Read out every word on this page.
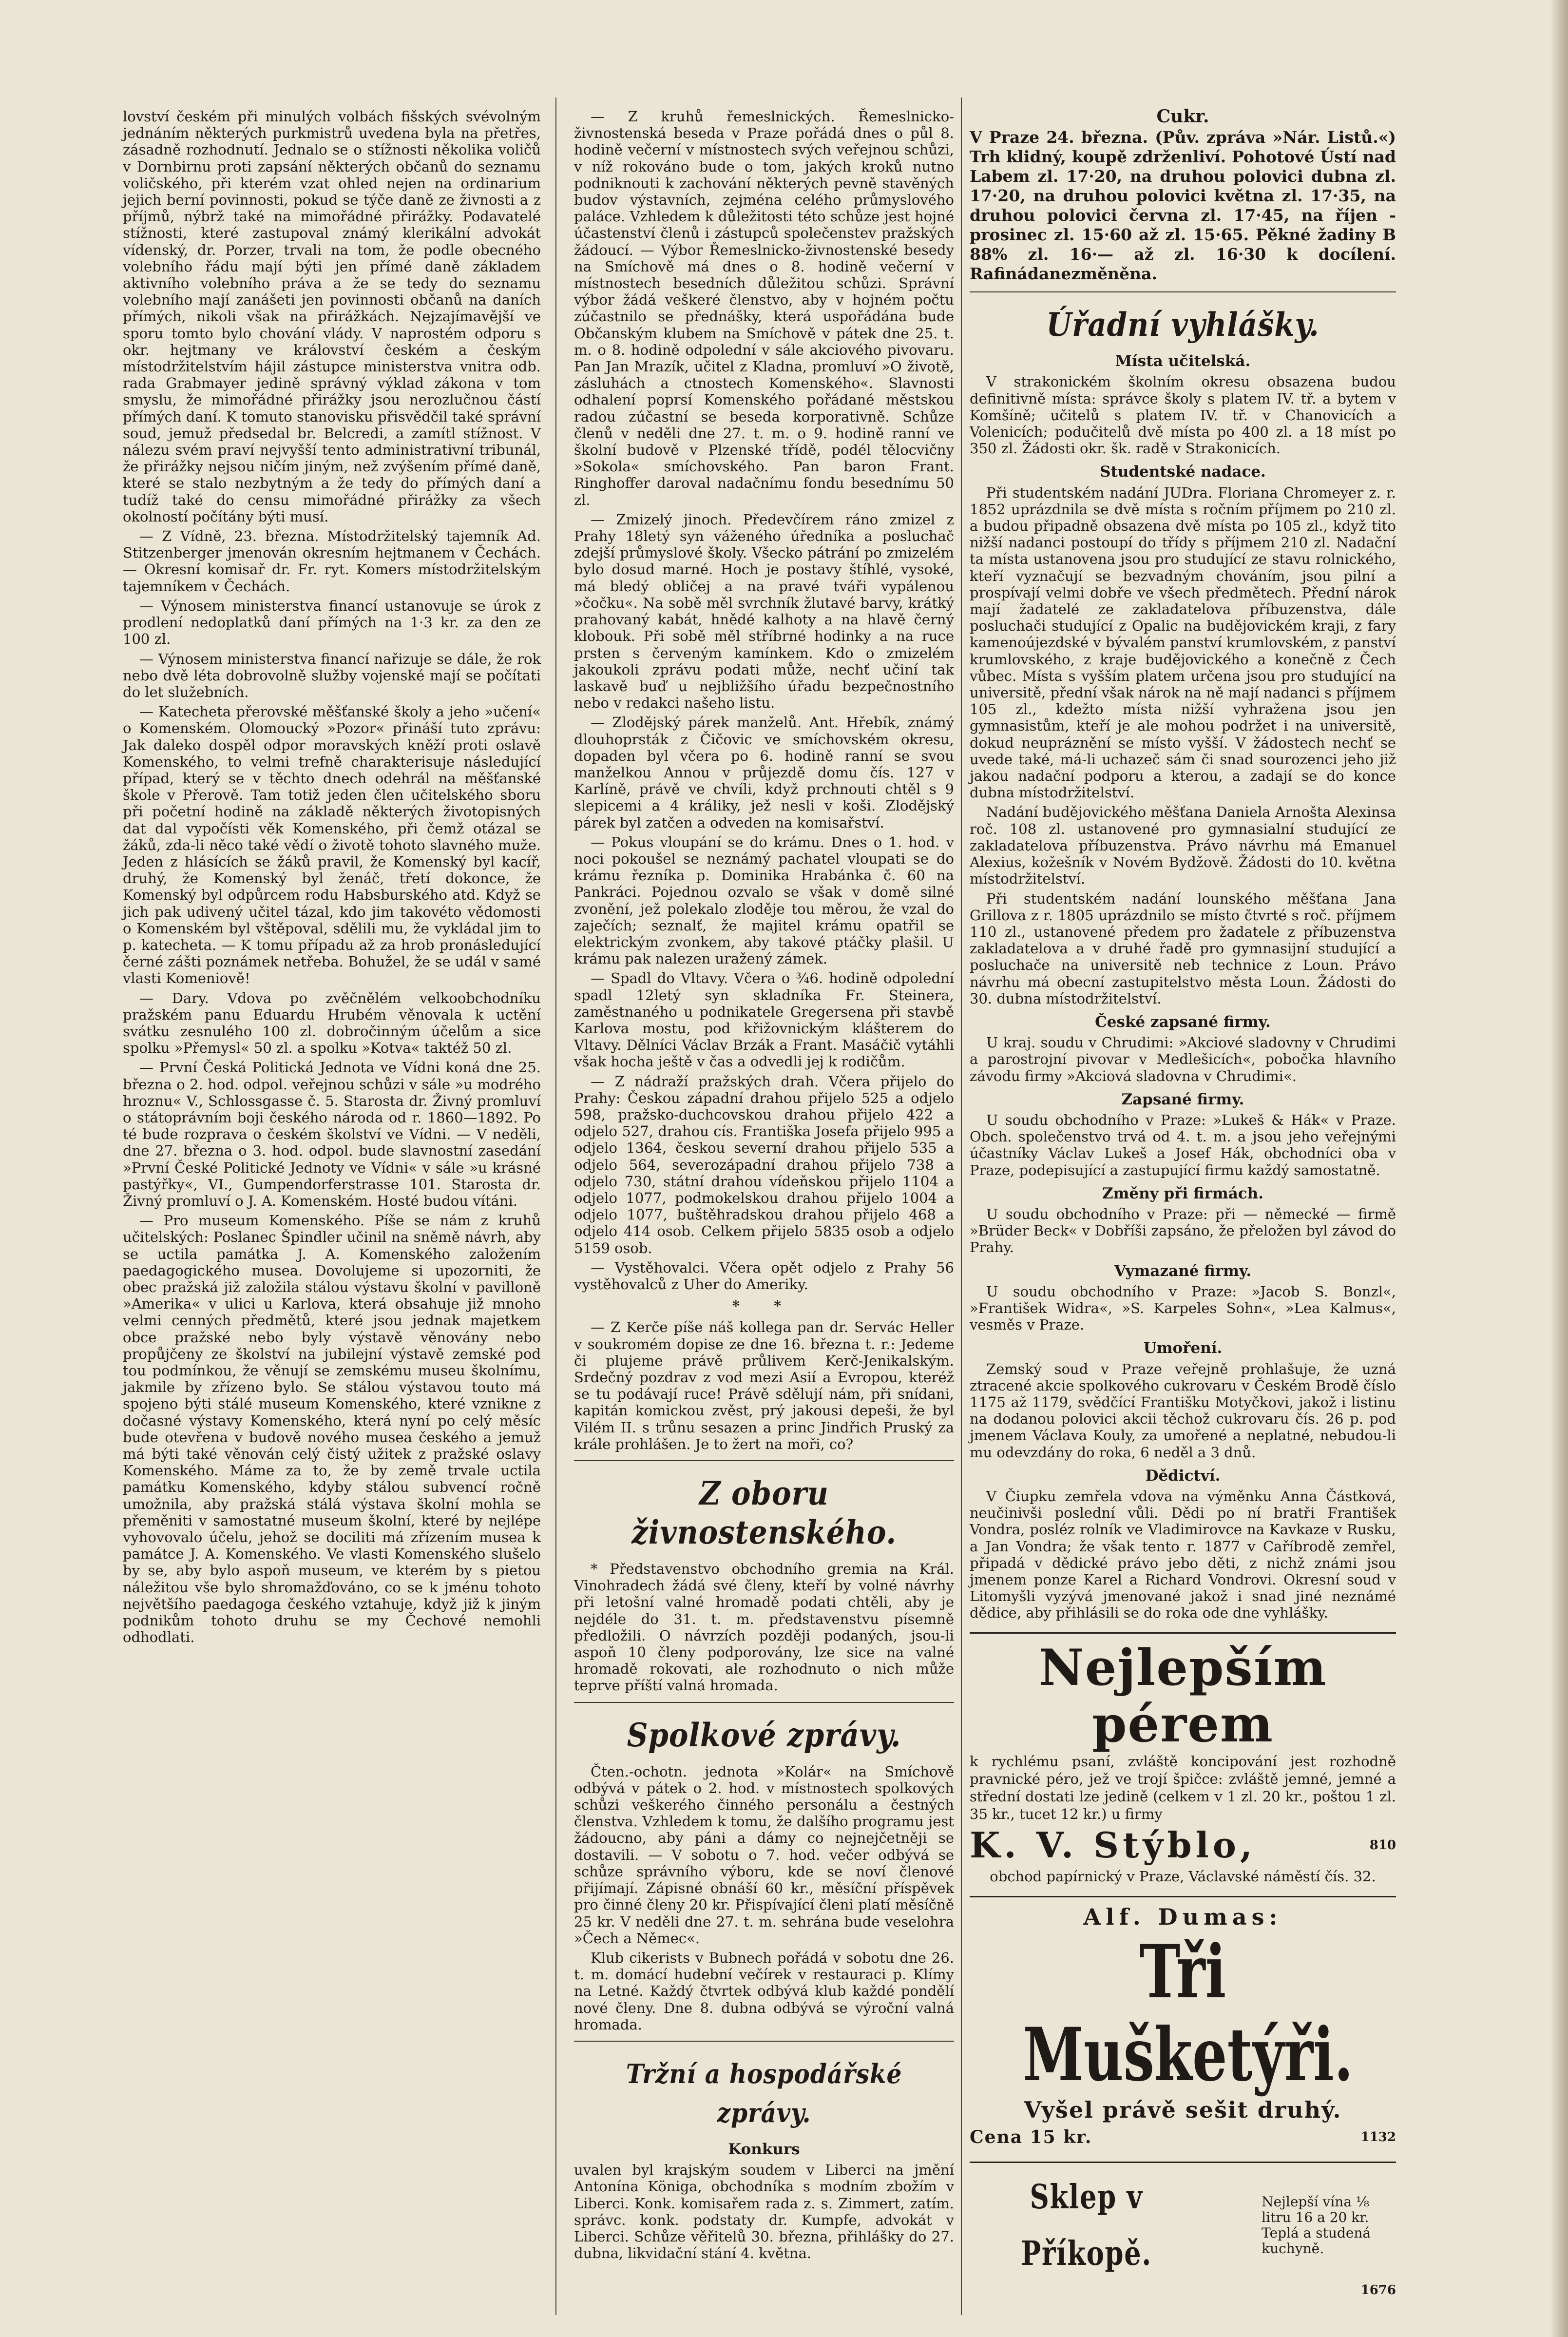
lovství českém při minulých volbách fišských svévolným jednáním některých purkmistrů uvedena byla na přetřes, zásadně rozhodnutí. Jednalo se o stížnosti několika voličů v Dornbirnu proti zapsání některých občanů do seznamu voličského, při kterém vzat ohled nejen na ordinarium jejich berní povinnosti, pokud se týče daně ze živnosti a z příjmů, nýbrž také na mimořádné přirážky. Podavatelé stížnosti, které zastupoval známý klerikální advokát vídenský, dr. Porzer, trvali na tom, že podle obecného volebního řádu mají býti jen přímé daně základem aktivního volebního práva a že se tedy do seznamu volebního mají zanášeti jen povinnosti občanů na daních přímých, nikoli však na přirážkách. Nejzajímavější ve sporu tomto bylo chování vlády. V naprostém odporu s okr. hejtmany ve království českém a českým místodržitelstvím hájil zástupce ministerstva vnitra odb. rada Grabmayer jedině správný výklad zákona v tom smyslu, že mimořádné přirážky jsou nerozlučnou částí přímých daní. K tomuto stanovisku přisvědčil také správní soud, jemuž předsedal br. Belcredi, a zamítl stížnost. V nálezu svém praví nejvyšší tento administrativní tribunál, že přirážky nejsou ničím jiným, než zvýšením přímé daně, které se stalo nezbytným a že tedy do přímých daní a tudíž také do censu mimořádné přirážky za všech okolností počítány býti musí.

— Z Vídně, 23. března. Místodržitelský tajemník Ad. Stitzenberger jmenován okresním hejtmanem v Čechách. — Okresní komisař dr. Fr. ryt. Komers místodržitelským tajemníkem v Čechách.

— Výnosem ministerstva financí ustanovuje se úrok z prodlení nedoplatků daní přímých na 1·3 kr. za den ze 100 zl.

— Výnosem ministerstva financí nařizuje se dále, že rok nebo dvě léta dobrovolně služby vojenské mají se počítati do let služebních.

— Katecheta přerovské měšťanské školy a jeho »učení« o Komenském. Olomoucký »Pozor« přináší tuto zprávu: Jak daleko dospěl odpor moravských kněží proti oslavě Komenského, to velmi trefně charakterisuje následující případ, který se v těchto dnech odehrál na měšťanské škole v Přerově. Tam totiž jeden člen učitelského sboru při početní hodině na základě některých životopisných dat dal vypočísti věk Komenského, při čemž otázal se žáků, zda-li něco také vědí o životě tohoto slavného muže. Jeden z hlásících se žáků pravil, že Komenský byl kacíř, druhý, že Komenský byl ženáč, třetí dokonce, že Komenský byl odpůrcem rodu Habsburského atd. Když se jich pak udivený učitel tázal, kdo jim takovéto vědomosti o Komenském byl vštěpoval, sdělili mu, že vykládal jim to p. katecheta. — K tomu případu až za hrob pronásledující černé zášti poznámek netřeba. Bohužel, že se udál v samé vlasti Komeniově!

— Dary. Vdova po zvěčnělém velkoobchodníku pražském panu Eduardu Hrubém věnovala k uctění svátku zesnulého 100 zl. dobročinným účelům a sice spolku »Přemysl« 50 zl. a spolku »Kotva« taktéž 50 zl.

— První Česká Politická Jednota ve Vídni koná dne 25. března o 2. hod. odpol. veřejnou schůzi v sále »u modrého hroznu« V., Schlossgasse č. 5. Starosta dr. Živný promluví o státoprávním boji českého národa od r. 1860—1892. Po té bude rozprava o českém školství ve Vídni. — V neděli, dne 27. března o 3. hod. odpol. bude slavnostní zasedání »První České Politické Jednoty ve Vídni« v sále »u krásné pastýřky«, VI., Gumpendorferstrasse 101. Starosta dr. Živný promluví o J. A. Komenském. Hosté budou vítáni.

— Pro museum Komenského. Píše se nám z kruhů učitelských: Poslanec Špindler učinil na sněmě návrh, aby se uctila památka J. A. Komenského založením paedagogického musea. Dovolujeme si upozorniti, že obec pražská již založila stálou výstavu školní v pavilloně »Amerika« v ulici u Karlova, která obsahuje již mnoho velmi cenných předmětů, které jsou jednak majetkem obce pražské nebo byly výstavě věnovány nebo propůjčeny ze školství na jubilejní výstavě zemské pod tou podmínkou, že věnují se zemskému museu školnímu, jakmile by zřízeno bylo. Se stálou výstavou touto má spojeno býti stálé museum Komenského, které vznikne z dočasné výstavy Komenského, která nyní po celý měsíc bude otevřena v budově nového musea českého a jemuž má býti také věnován celý čistý užitek z pražské oslavy Komenského. Máme za to, že by země trvale uctila památku Komenského, kdyby stálou subvencí ročně umožnila, aby pražská stálá výstava školní mohla se přeměniti v samostatné museum školní, které by nejlépe vyhovovalo účelu, jehož se dociliti má zřízením musea k památce J. A. Komenského. Ve vlasti Komenského slušelo by se, aby bylo aspoň museum, ve kterém by s pietou náležitou vše bylo shromažďováno, co se k jménu tohoto největšího paedagoga českého vztahuje, když již k jiným podnikům tohoto druhu se my Čechové nemohli odhodlati.

— Z kruhů řemeslnických. Řemeslnicko-živnostenská beseda v Praze pořádá dnes o půl 8. hodině večerní v místnostech svých veřejnou schůzi, v níž rokováno bude o tom, jakých kroků nutno podniknouti k zachování některých pevně stavěných budov výstavních, zejména celého průmyslového paláce. Vzhledem k důležitosti této schůze jest hojné účastenství členů i zástupců společenstev pražských žádoucí. — Výbor Řemeslnicko-živnostenské besedy na Smíchově má dnes o 8. hodině večerní v místnostech besedních důležitou schůzi. Správní výbor žádá veškeré členstvo, aby v hojném počtu zúčastnilo se přednášky, která uspořádána bude Občanským klubem na Smíchově v pátek dne 25. t. m. o 8. hodině odpolední v sále akciového pivovaru. Pan Jan Mrazík, učitel z Kladna, promluví »O životě, zásluhách a ctnostech Komenského«. Slavnosti odhalení poprsí Komenského pořádané městskou radou zúčastní se beseda korporativně. Schůze členů v neděli dne 27. t. m. o 9. hodině ranní ve školní budově v Plzenské třídě, podél tělocvičny »Sokola« smíchovského. Pan baron Frant. Ringhoffer daroval nadačnímu fondu besednímu 50 zl.

— Zmizelý jinoch. Předevčírem ráno zmizel z Prahy 18letý syn váženého úředníka a posluchač zdejší průmyslové školy. Všecko pátrání po zmizelém bylo dosud marné. Hoch je postavy štíhlé, vysoké, má bledý obličej a na pravé tváři vypálenou »čočku«. Na sobě měl svrchník žlutavé barvy, krátký prahovaný kabát, hnědé kalhoty a na hlavě černý klobouk. Při sobě měl stříbrné hodinky a na ruce prsten s červeným kamínkem. Kdo o zmizelém jakoukoli zprávu podati může, nechť učiní tak laskavě buď u nejbližšího úřadu bezpečnostního nebo v redakci našeho listu.

— Zlodějský párek manželů. Ant. Hřebík, známý dlouhoprsták z Čičovic ve smíchovském okresu, dopaden byl včera po 6. hodině ranní se svou manželkou Annou v průjezdě domu čís. 127 v Karlíně, právě ve chvíli, když prchnouti chtěl s 9 slepicemi a 4 králiky, jež nesli v koši. Zlodějský párek byl zatčen a odveden na komisařství.

— Pokus vloupání se do krámu. Dnes o 1. hod. v noci pokoušel se neznámý pachatel vloupati se do krámu řezníka p. Dominika Hrabánka č. 60 na Pankráci. Pojednou ozvalo se však v domě silné zvonění, jež polekalo zloděje tou měrou, že vzal do zaječích; seznalť, že majitel krámu opatřil se elektrickým zvonkem, aby takové ptáčky plašil. U krámu pak nalezen uražený zámek.

— Spadl do Vltavy. Včera o ¾6. hodině odpolední spadl 12letý syn skladníka Fr. Steinera, zaměstnaného u podnikatele Gregersena při stavbě Karlova mostu, pod křižovnickým klášterem do Vltavy. Dělníci Václav Brzák a Frant. Masáčič vytáhli však hocha ještě v čas a odvedli jej k rodičům.

— Z nádraží pražských drah. Včera přijelo do Prahy: Českou západní drahou přijelo 525 a odjelo 598, pražsko-duchcovskou drahou přijelo 422 a odjelo 527, drahou cís. Františka Josefa přijelo 995 a odjelo 1364, českou severní drahou přijelo 535 a odjelo 564, severozápadní drahou přijelo 738 a odjelo 730, státní drahou vídeňskou přijelo 1104 a odjelo 1077, podmokelskou drahou přijelo 1004 a odjelo 1077, buštěhradskou drahou přijelo 468 a odjelo 414 osob. Celkem přijelo 5835 osob a odjelo 5159 osob.

— Vystěhovalci. Včera opět odjelo z Prahy 56 vystěhovalců z Uher do Ameriky.

* *

— Z Kerče píše náš kollega pan dr. Servác Heller v soukromém dopise ze dne 16. března t. r.: Jedeme či plujeme právě průlivem Kerč-Jenikalským. Srdečný pozdrav z vod mezi Asií a Evropou, kteréž se tu podávají ruce! Právě sdělují nám, při snídani, kapitán komickou zvěst, prý jakousi depeši, že byl Vilém II. s trůnu sesazen a princ Jindřich Pruský za krále prohlášen. Je to žert na moři, co?

Z oboru živnostenského.

* Představenstvo obchodního gremia na Král. Vinohradech žádá své členy, kteří by volné návrhy při letošní valné hromadě podati chtěli, aby je nejdéle do 31. t. m. představenstvu písemně předložili. O návrzích později podaných, jsou-li aspoň 10 členy podporovány, lze sice na valné hromadě rokovati, ale rozhodnuto o nich může teprve příští valná hromada.

Spolkové zprávy.

Čten.-ochotn. jednota »Kolár« na Smíchově odbývá v pátek o 2. hod. v místnostech spolkových schůzi veškerého činného personálu a čestných členstva. Vzhledem k tomu, že dalšího programu jest žádoucno, aby páni a dámy co nejnejčetněji se dostavili. — V sobotu o 7. hod. večer odbývá se schůze správního výboru, kde se noví členové přijímají. Zápisné obnáší 60 kr., měsíční příspěvek pro činné členy 20 kr. Přispívající členi platí měsíčně 25 kr. V neděli dne 27. t. m. sehrána bude veselohra »Čech a Němec«.

Klub cikerists v Bubnech pořádá v sobotu dne 26. t. m. domácí hudební večírek v restauraci p. Klímy na Letné. Každý čtvrtek odbývá klub každé pondělí nové členy. Dne 8. dubna odbývá se výroční valná hromada.

Tržní a hospodářské zprávy.
Konkurs

uvalen byl krajským soudem v Liberci na jmění Antonína Königa, obchodníka s modním zbožím v Liberci. Konk. komisařem rada z. s. Zimmert, zatím. správc. konk. podstaty dr. Kumpfe, advokát v Liberci. Schůze věřitelů 30. března, přihlášky do 27. dubna, likvidační stání 4. května.

Cukr.

V Praze 24. března. (Pův. zpráva »Nár. Listů.«) Trh klidný, koupě zdrženliví. Pohotové Ústí nad Labem zl. 17·20, na druhou polovici dubna zl. 17·20, na druhou polovici května zl. 17·35, na druhou polovici června zl. 17·45, na říjen - prosinec zl. 15·60 až zl. 15·65. Pěkné žadiny B 88% zl. 16·— až zl. 16·30 k docílení. Rafinádanezměněna.

Úřadní vyhlášky.
Místa učitelská.

V strakonickém školním okresu obsazena budou definitivně místa: správce školy s platem IV. tř. a bytem v Komšíně; učitelů s platem IV. tř. v Chanovicích a Volenicích; podučitelů dvě místa po 400 zl. a 18 míst po 350 zl. Žádosti okr. šk. radě v Strakonicích.

Studentské nadace.

Při studentském nadání JUDra. Floriana Chromeyer z. r. 1852 uprázdnila se dvě místa s ročním příjmem po 210 zl. a budou připadně obsazena dvě místa po 105 zl., když tito nižší nadanci postoupí do třídy s příjmem 210 zl. Nadační ta místa ustanovena jsou pro studující ze stavu rolnického, kteří vyznačují se bezvadným chováním, jsou pilní a prospívají velmi dobře ve všech předmětech. Přední nárok mají žadatelé ze zakladatelova příbuzenstva, dále posluchači studující z Opalic na budějovickém kraji, z fary kamenoújezdské v bývalém panství krumlovském, z panství krumlovského, z kraje budějovického a konečně z Čech vůbec. Místa s vyšším platem určena jsou pro studující na universitě, přední však nárok na ně mají nadanci s příjmem 105 zl., kdežto místa nižší vyhražena jsou jen gymnasistům, kteří je ale mohou podržet i na universitě, dokud neupráznění se místo vyšší. V žádostech nechť se uvede také, má-li uchazeč sám či snad sourozenci jeho již jakou nadační podporu a kterou, a zadají se do konce dubna místodržitelství.

Nadání budějovického měšťana Daniela Arnošta Alexinsa roč. 108 zl. ustanovené pro gymnasialní studující ze zakladatelova příbuzenstva. Právo návrhu má Emanuel Alexius, kožešník v Novém Bydžově. Žádosti do 10. května místodržitelství.

Při studentském nadání lounského měšťana Jana Grillova z r. 1805 uprázdnilo se místo čtvrté s roč. příjmem 110 zl., ustanovené předem pro žadatele z příbuzenstva zakladatelova a v druhé řadě pro gymnasijní studující a posluchače na universitě neb technice z Loun. Právo návrhu má obecní zastupitelstvo města Loun. Žádosti do 30. dubna místodržitelství.

České zapsané firmy.

U kraj. soudu v Chrudimi: »Akciové sladovny v Chrudimi a parostrojní pivovar v Medlešicích«, pobočka hlavního závodu firmy »Akciová sladovna v Chrudimi«.

Zapsané firmy.

U soudu obchodního v Praze: »Lukeš & Hák« v Praze. Obch. společenstvo trvá od 4. t. m. a jsou jeho veřejnými účastníky Václav Lukeš a Josef Hák, obchodníci oba v Praze, podepisující a zastupující firmu každý samostatně.

Změny při firmách.

U soudu obchodního v Praze: při — německé — firmě »Brüder Beck« v Dobříši zapsáno, že přeložen byl závod do Prahy.

Vymazané firmy.

U soudu obchodního v Praze: »Jacob S. Bonzl«, »František Widra«, »S. Karpeles Sohn«, »Lea Kalmus«, vesměs v Praze.

Umoření.

Zemský soud v Praze veřejně prohlašuje, že uzná ztracené akcie spolkového cukrovaru v Českém Brodě číslo 1175 až 1179, svědčící Františku Motyčkovi, jakož i listinu na dodanou polovici akcii těchož cukrovaru čís. 26 p. pod jmenem Václava Kouly, za umořené a neplatné, nebudou-li mu odevzdány do roka, 6 neděl a 3 dnů.

Dědictví.

V Čiupku zemřela vdova na výměnku Anna Částková, neučinivši poslední vůli. Dědi po ní bratři František Vondra, posléz rolník ve Vladimirovce na Kavkaze v Rusku, a Jan Vondra; že však tento r. 1877 v Caříbrodě zemřel, připadá v dědické právo jebo děti, z nichž známi jsou jmenem ponze Karel a Richard Vondrovi. Okresní soud v Litomyšli vyzývá jmenované jakož i snad jiné neznámé dědice, aby přihlásili se do roka ode dne vyhlášky.

Nejlepším pérem
k rychlému psaní, zvláště koncipování jest rozhodně pravnické péro, jež ve trojí špičce: zvláště jemné, jemné a střední dostati lze jedině (celkem v 1 zl. 20 kr., poštou 1 zl. 35 kr., tucet 12 kr.) u firmy
K. V. Stýblo,	810
obchod papírnický v Praze, Václavské náměstí čís. 32.
Alf. Dumas:
Tři Mušketýři.
Vyšel právě sešit druhý.
Cena 15 kr.	1132
Sklep v Příkopě.
Nejlepší vína ⅛ litru 16 a 20 kr. Teplá a studená kuchyně.
1676
